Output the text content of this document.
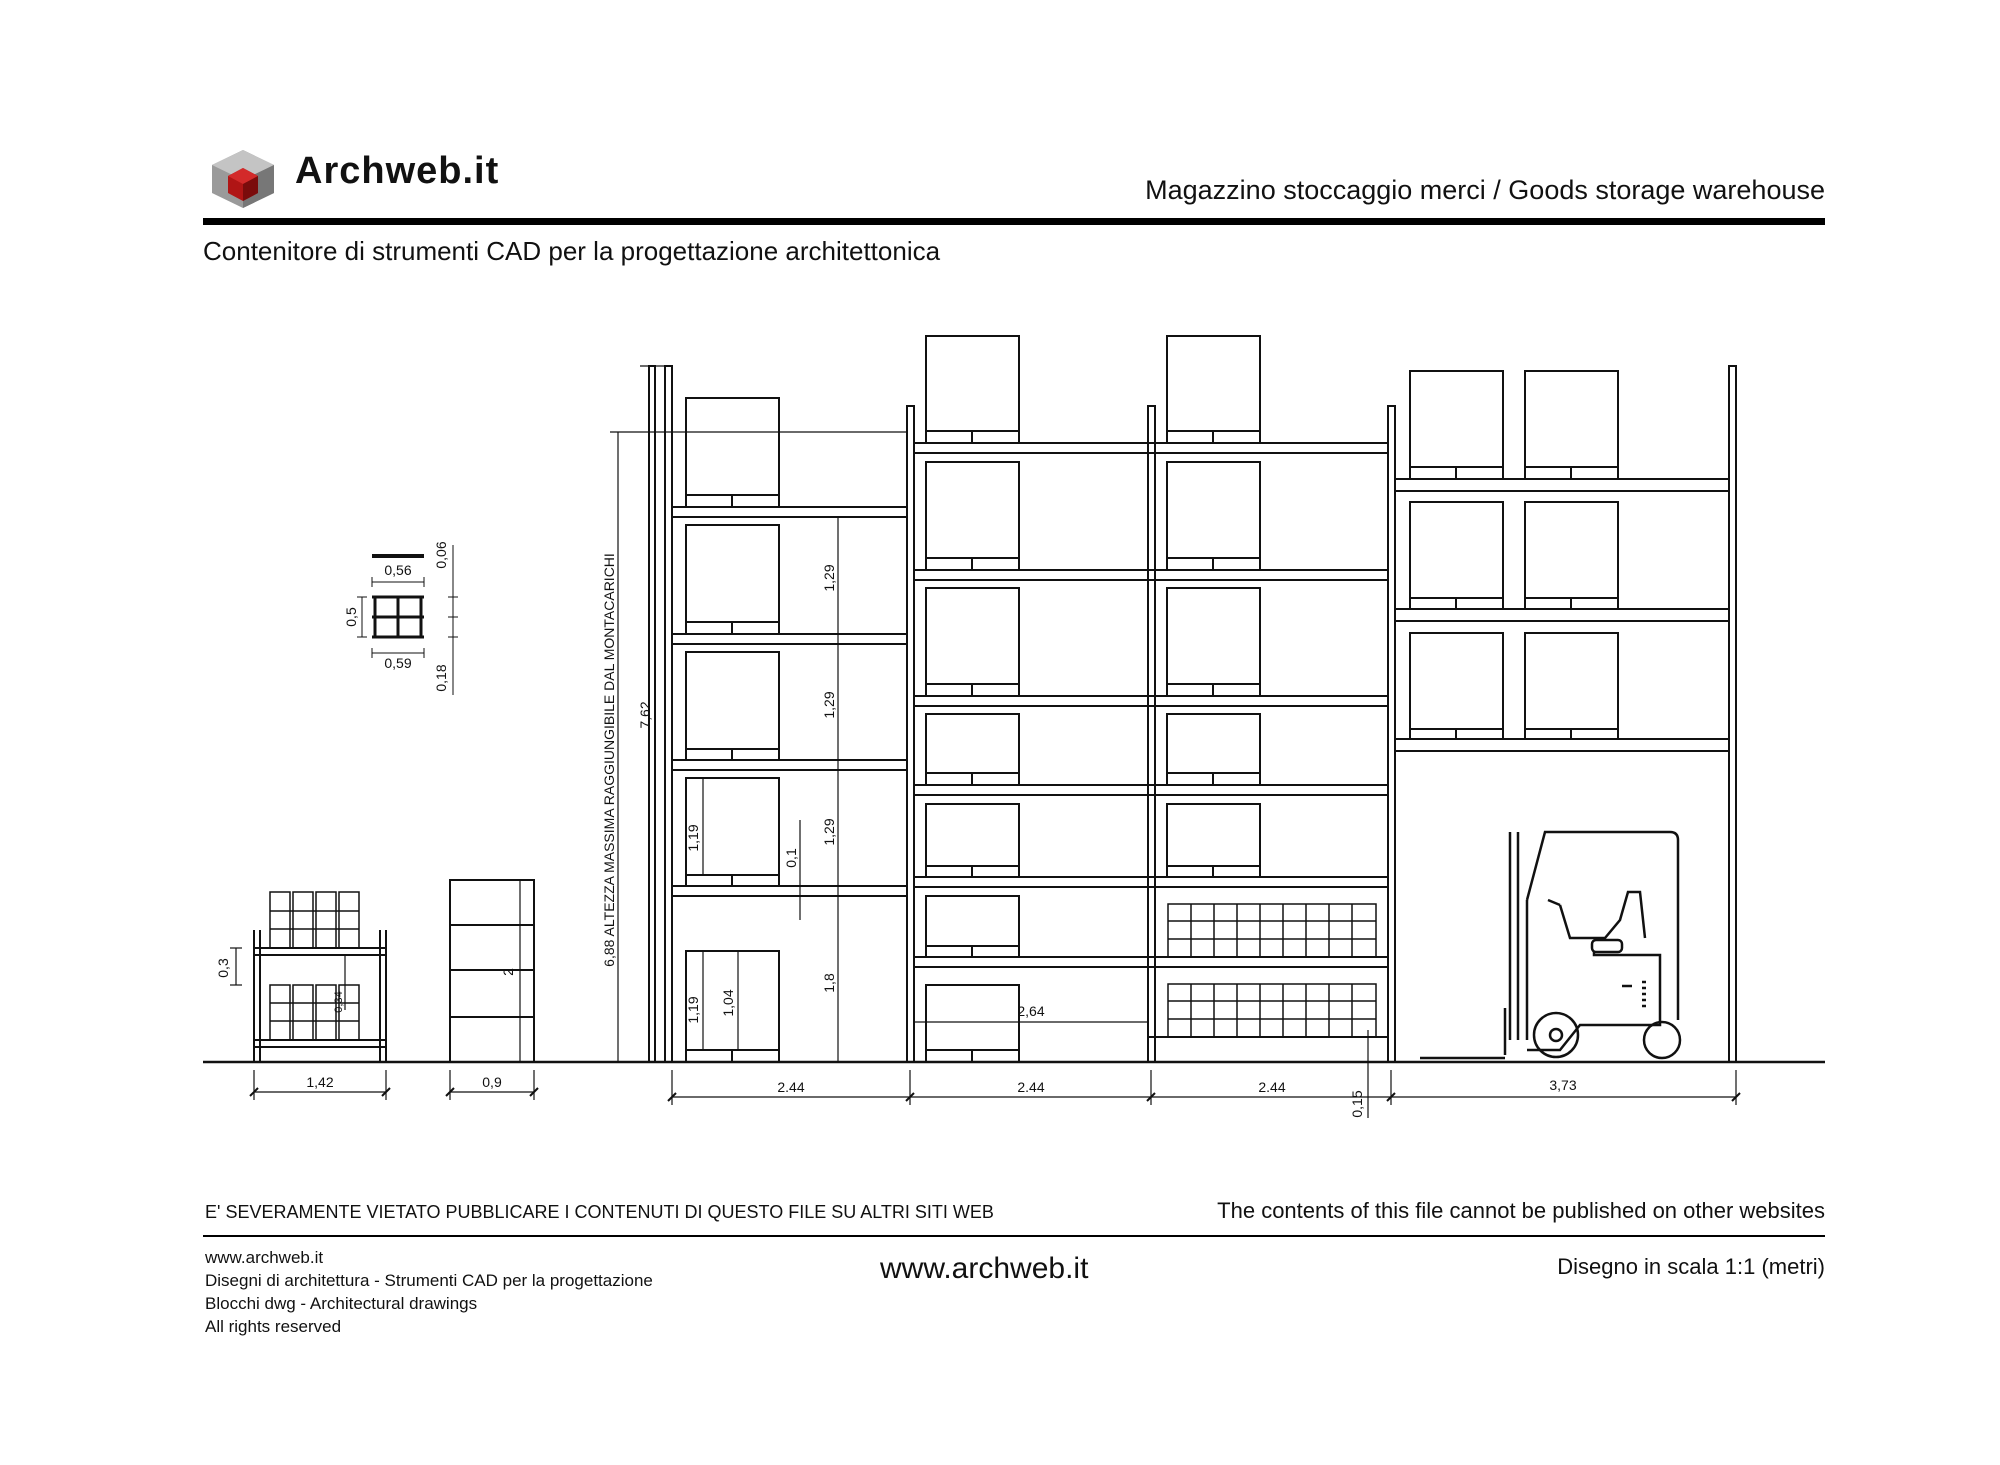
Archweb.it	Magazzino stoccaggio merci / Goods storage warehouse
Contenitore di strumenti CAD per la progettazione architettonica
0,56
0,59
0,5
0,06
0,18
1,42
0,3
0,34
0,9
2
7,62
6,88 ALTEZZA MASSIMA RAGGIUNGIBILE DAL MONTACARICHI	1,29
1,29
1,29
1,8
1,19
0,1
1,19 1,04
2.44	2.44	2.44	3,73
2,64
0,15
E' SEVERAMENTE VIETATO PUBBLICARE I CONTENUTI DI QUESTO FILE SU ALTRI SITI WEB	The contents of this file cannot be published on other websites
www.archweb.it
Disegni di architettura - Strumenti CAD per la progettazione
Blocchi dwg - Architectural drawings
All rights reserved
www.archweb.it	Disegno in scala 1:1 (metri)
